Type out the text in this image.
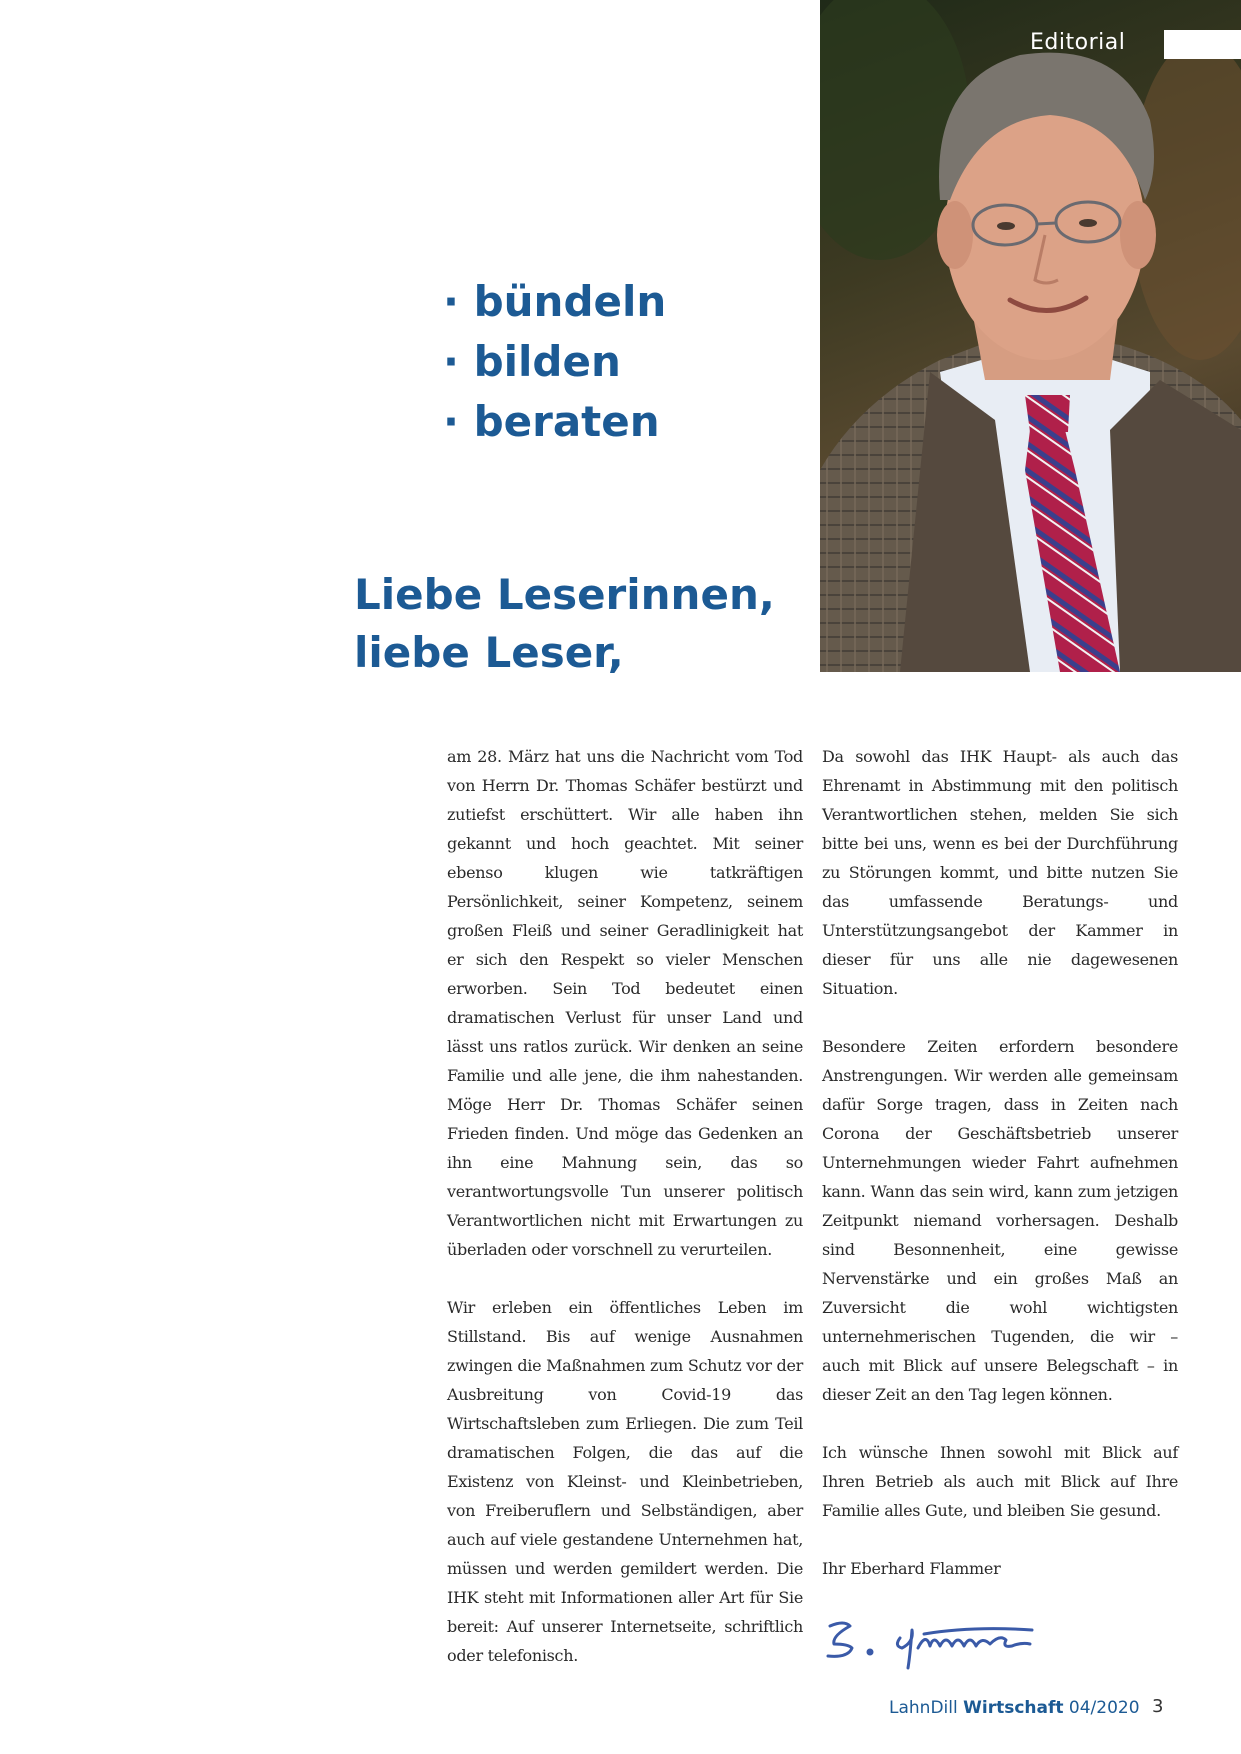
Editorial
· bündeln
· bilden
· beraten
Liebe Leserinnen,
liebe Leser,

am 28. März hat uns die Nachricht vom Tod von Herrn Dr. Thomas Schäfer bestürzt und zutiefst erschüttert. Wir alle haben ihn gekannt und hoch geachtet. Mit seiner ebenso klugen wie tatkräftigen Persönlichkeit, seiner Kompetenz, seinem großen Fleiß und seiner Geradlinigkeit hat er sich den Respekt so vieler Menschen erworben. Sein Tod bedeutet einen dramatischen Verlust für unser Land und lässt uns ratlos zurück. Wir denken an seine Familie und alle jene, die ihm nahestanden. Möge Herr Dr. Thomas Schäfer seinen Frieden finden. Und möge das Gedenken an ihn eine Mahnung sein, das so verantwortungsvolle Tun unserer politisch Verantwortlichen nicht mit Erwartungen zu überladen oder vorschnell zu verurteilen.

Wir erleben ein öffentliches Leben im Stillstand. Bis auf wenige Ausnahmen zwingen die Maßnahmen zum Schutz vor der Ausbreitung von Covid-19 das Wirtschaftsleben zum Erliegen. Die zum Teil dramatischen Folgen, die das auf die Existenz von Kleinst- und Kleinbetrieben, von Freiberuflern und Selbständigen, aber auch auf viele gestandene Unternehmen hat, müssen und werden gemildert werden. Die IHK steht mit Informationen aller Art für Sie bereit: Auf unserer Internetseite, schriftlich oder telefonisch.

Da sowohl das IHK Haupt- als auch das Ehrenamt in Abstimmung mit den politisch Verantwortlichen stehen, melden Sie sich bitte bei uns, wenn es bei der Durchführung zu Störungen kommt, und bitte nutzen Sie das umfassende Beratungs- und Unterstützungsangebot der Kammer in dieser für uns alle nie dagewesenen Situation.

Besondere Zeiten erfordern besondere Anstrengungen. Wir werden alle gemeinsam dafür Sorge tragen, dass in Zeiten nach Corona der Geschäftsbetrieb unserer Unternehmungen wieder Fahrt aufnehmen kann. Wann das sein wird, kann zum jetzigen Zeitpunkt niemand vorhersagen. Deshalb sind Besonnenheit, eine gewisse Nervenstärke und ein großes Maß an Zuversicht die wohl wichtigsten unternehmerischen Tugenden, die wir – auch mit Blick auf unsere Belegschaft – in dieser Zeit an den Tag legen können.

Ich wünsche Ihnen sowohl mit Blick auf Ihren Betrieb als auch mit Blick auf Ihre Familie alles Gute, und bleiben Sie gesund.

Ihr Eberhard Flammer

LahnDill Wirtschaft 04/2020 3
